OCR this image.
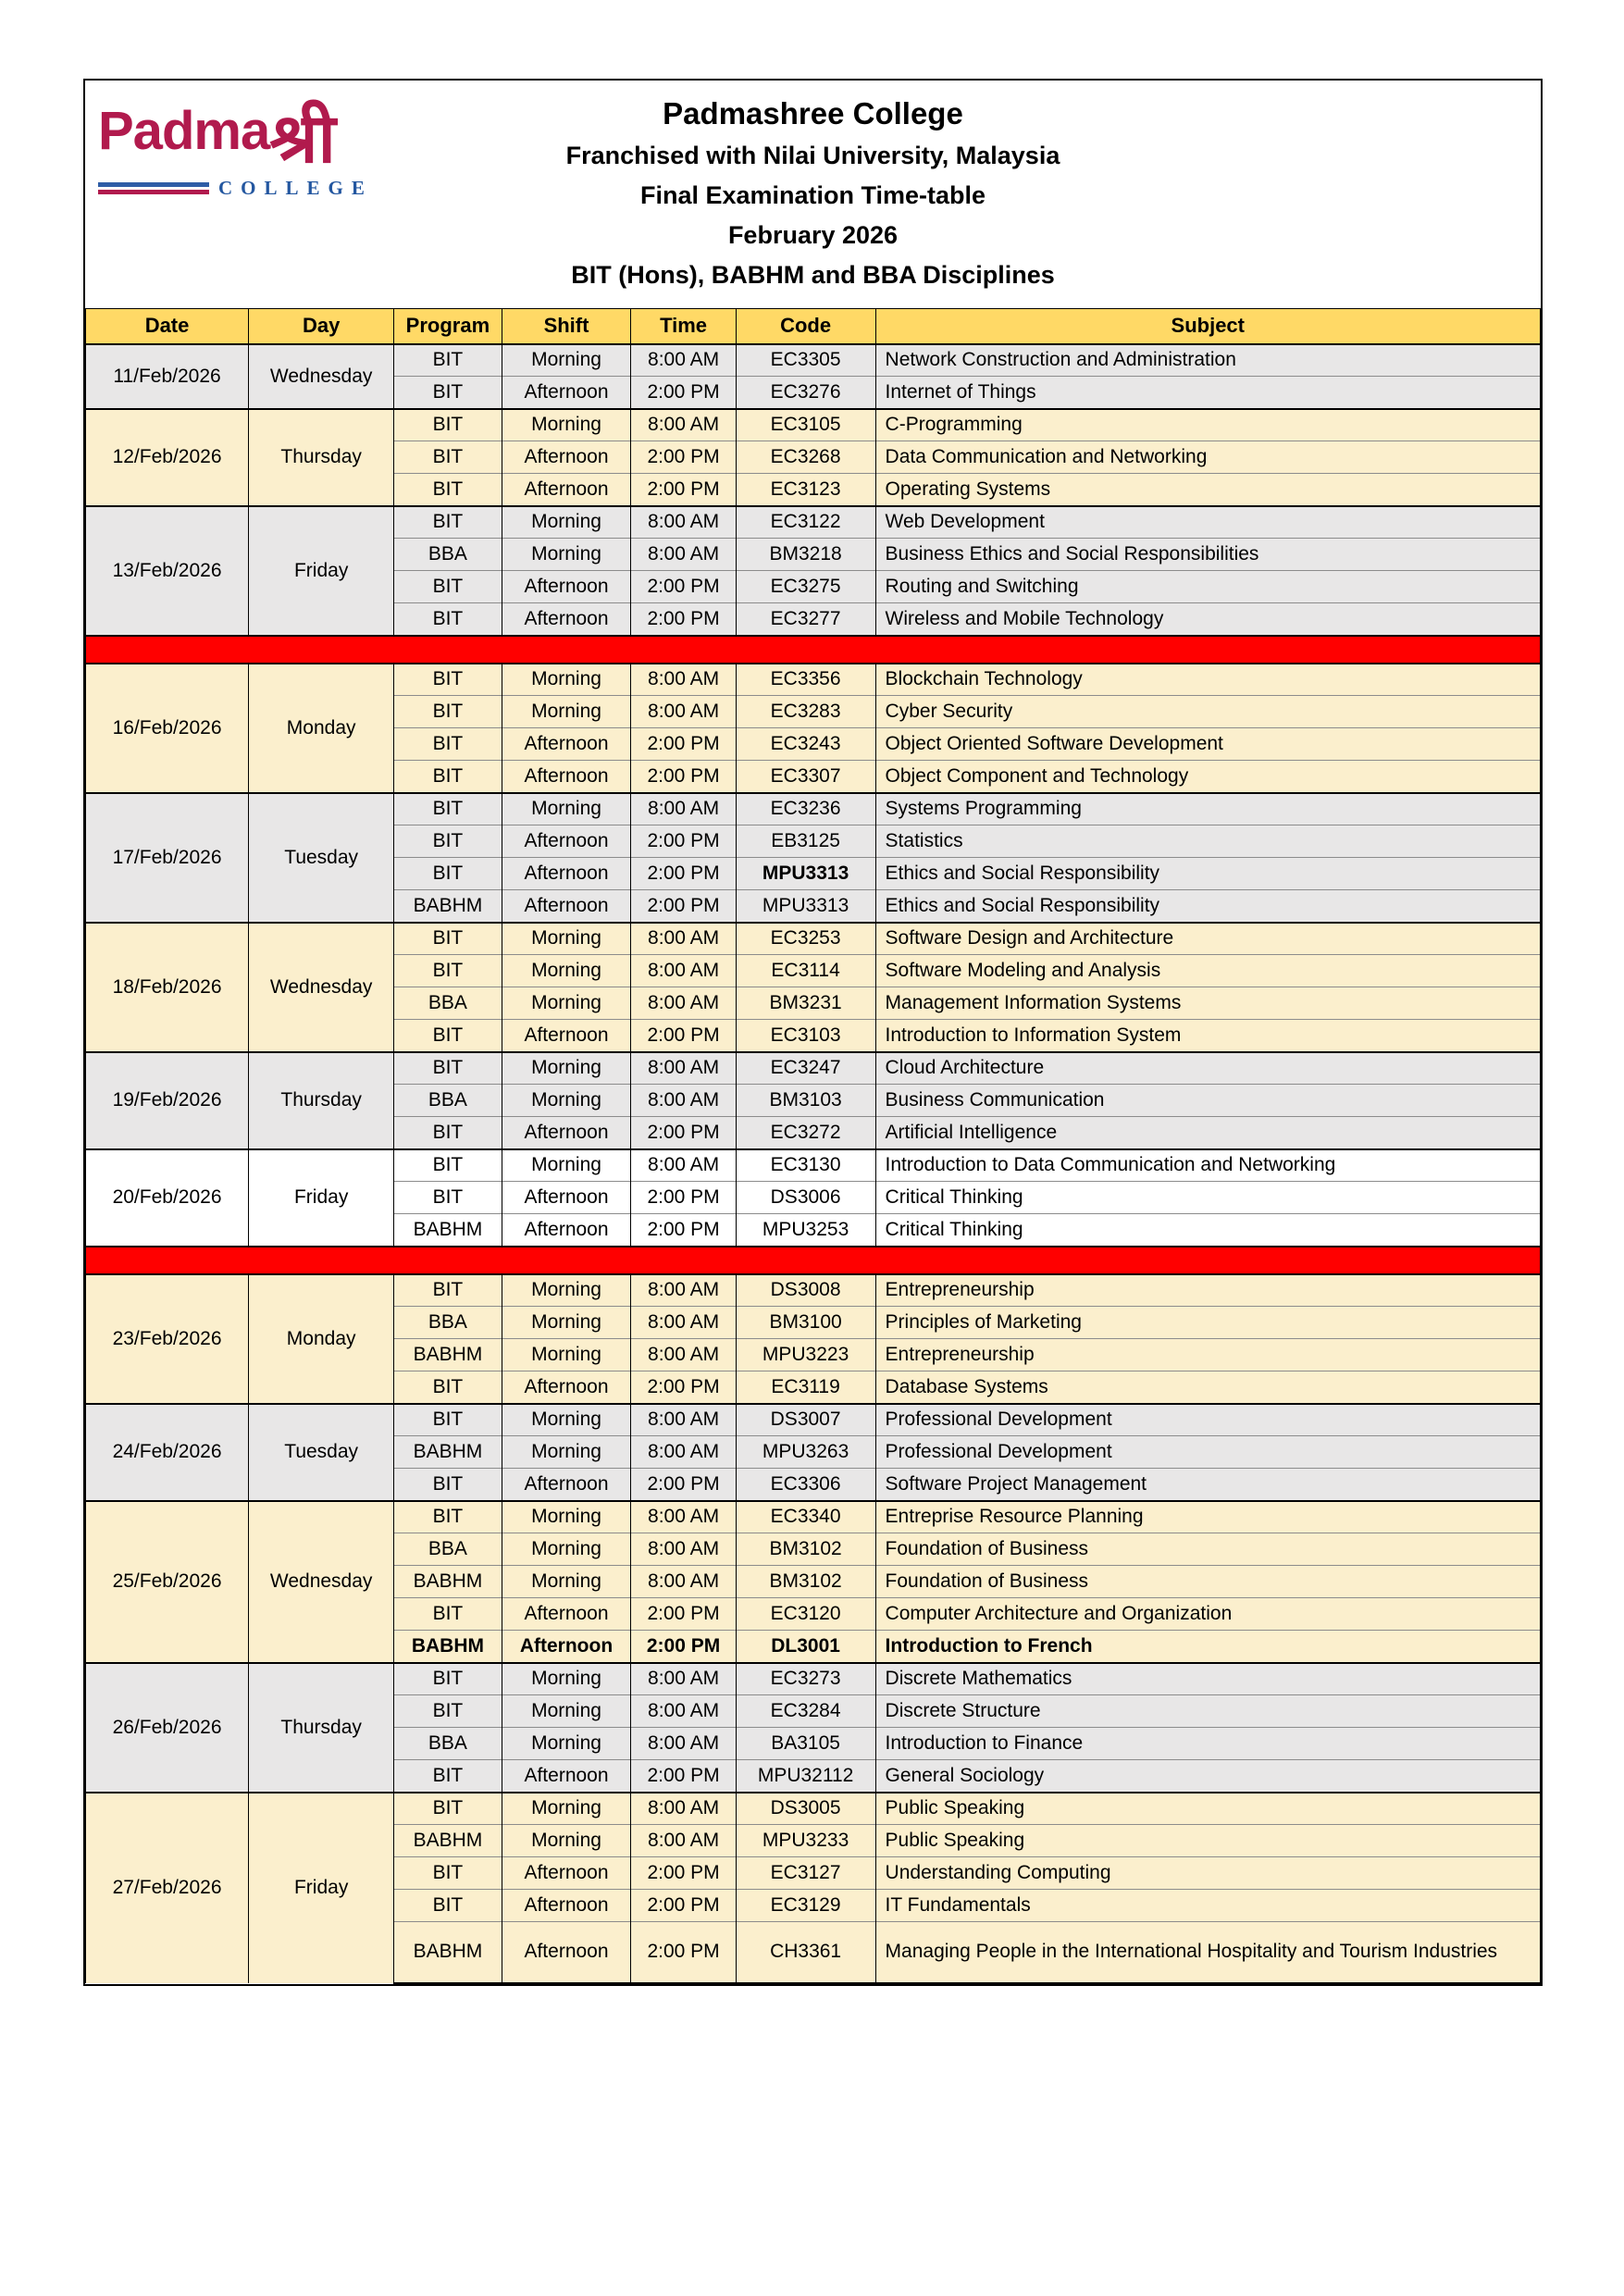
Padmaश्री
COLLEGE
Padmashree College
Franchised with Nilai University, Malaysia
Final Examination Time-table
February 2026
BIT (Hons), BABHM and BBA Disciplines
Date	Day	Program	Shift	Time	Code	Subject
11/Feb/2026	Wednesday	BIT	Morning	8:00 AM	EC3305	Network Construction and Administration
		BIT	Afternoon	2:00 PM	EC3276	Internet of Things
12/Feb/2026	Thursday	BIT	Morning	8:00 AM	EC3105	C-Programming
		BIT	Afternoon	2:00 PM	EC3268	Data Communication and Networking
		BIT	Afternoon	2:00 PM	EC3123	Operating Systems
13/Feb/2026	Friday	BIT	Morning	8:00 AM	EC3122	Web Development
		BBA	Morning	8:00 AM	BM3218	Business Ethics and Social Responsibilities
		BIT	Afternoon	2:00 PM	EC3275	Routing and Switching
		BIT	Afternoon	2:00 PM	EC3277	Wireless and Mobile Technology

16/Feb/2026	Monday	BIT	Morning	8:00 AM	EC3356	Blockchain Technology
		BIT	Morning	8:00 AM	EC3283	Cyber Security
		BIT	Afternoon	2:00 PM	EC3243	Object Oriented Software Development
		BIT	Afternoon	2:00 PM	EC3307	Object Component and Technology
17/Feb/2026	Tuesday	BIT	Morning	8:00 AM	EC3236	Systems Programming
		BIT	Afternoon	2:00 PM	EB3125	Statistics
		BIT	Afternoon	2:00 PM	MPU3313	Ethics and Social Responsibility
		BABHM	Afternoon	2:00 PM	MPU3313	Ethics and Social Responsibility
18/Feb/2026	Wednesday	BIT	Morning	8:00 AM	EC3253	Software Design and Architecture
		BIT	Morning	8:00 AM	EC3114	Software Modeling and Analysis
		BBA	Morning	8:00 AM	BM3231	Management Information Systems
		BIT	Afternoon	2:00 PM	EC3103	Introduction to Information System
19/Feb/2026	Thursday	BIT	Morning	8:00 AM	EC3247	Cloud Architecture
		BBA	Morning	8:00 AM	BM3103	Business Communication
		BIT	Afternoon	2:00 PM	EC3272	Artificial Intelligence
20/Feb/2026	Friday	BIT	Morning	8:00 AM	EC3130	Introduction to Data Communication and Networking
		BIT	Afternoon	2:00 PM	DS3006	Critical Thinking
		BABHM	Afternoon	2:00 PM	MPU3253	Critical Thinking

23/Feb/2026	Monday	BIT	Morning	8:00 AM	DS3008	Entrepreneurship
		BBA	Morning	8:00 AM	BM3100	Principles of Marketing
		BABHM	Morning	8:00 AM	MPU3223	Entrepreneurship
		BIT	Afternoon	2:00 PM	EC3119	Database Systems
24/Feb/2026	Tuesday	BIT	Morning	8:00 AM	DS3007	Professional Development
		BABHM	Morning	8:00 AM	MPU3263	Professional Development
		BIT	Afternoon	2:00 PM	EC3306	Software Project Management
25/Feb/2026	Wednesday	BIT	Morning	8:00 AM	EC3340	Entreprise Resource Planning
		BBA	Morning	8:00 AM	BM3102	Foundation of Business
		BABHM	Morning	8:00 AM	BM3102	Foundation of Business
		BIT	Afternoon	2:00 PM	EC3120	Computer Architecture and Organization
		BABHM	Afternoon	2:00 PM	DL3001	Introduction to French
26/Feb/2026	Thursday	BIT	Morning	8:00 AM	EC3273	Discrete Mathematics
		BIT	Morning	8:00 AM	EC3284	Discrete Structure
		BBA	Morning	8:00 AM	BA3105	Introduction to Finance
		BIT	Afternoon	2:00 PM	MPU32112	General Sociology
27/Feb/2026	Friday	BIT	Morning	8:00 AM	DS3005	Public Speaking
		BABHM	Morning	8:00 AM	MPU3233	Public Speaking
		BIT	Afternoon	2:00 PM	EC3127	Understanding Computing
		BIT	Afternoon	2:00 PM	EC3129	IT Fundamentals
		BABHM	Afternoon	2:00 PM	CH3361	Managing People in the International Hospitality and Tourism Industries
